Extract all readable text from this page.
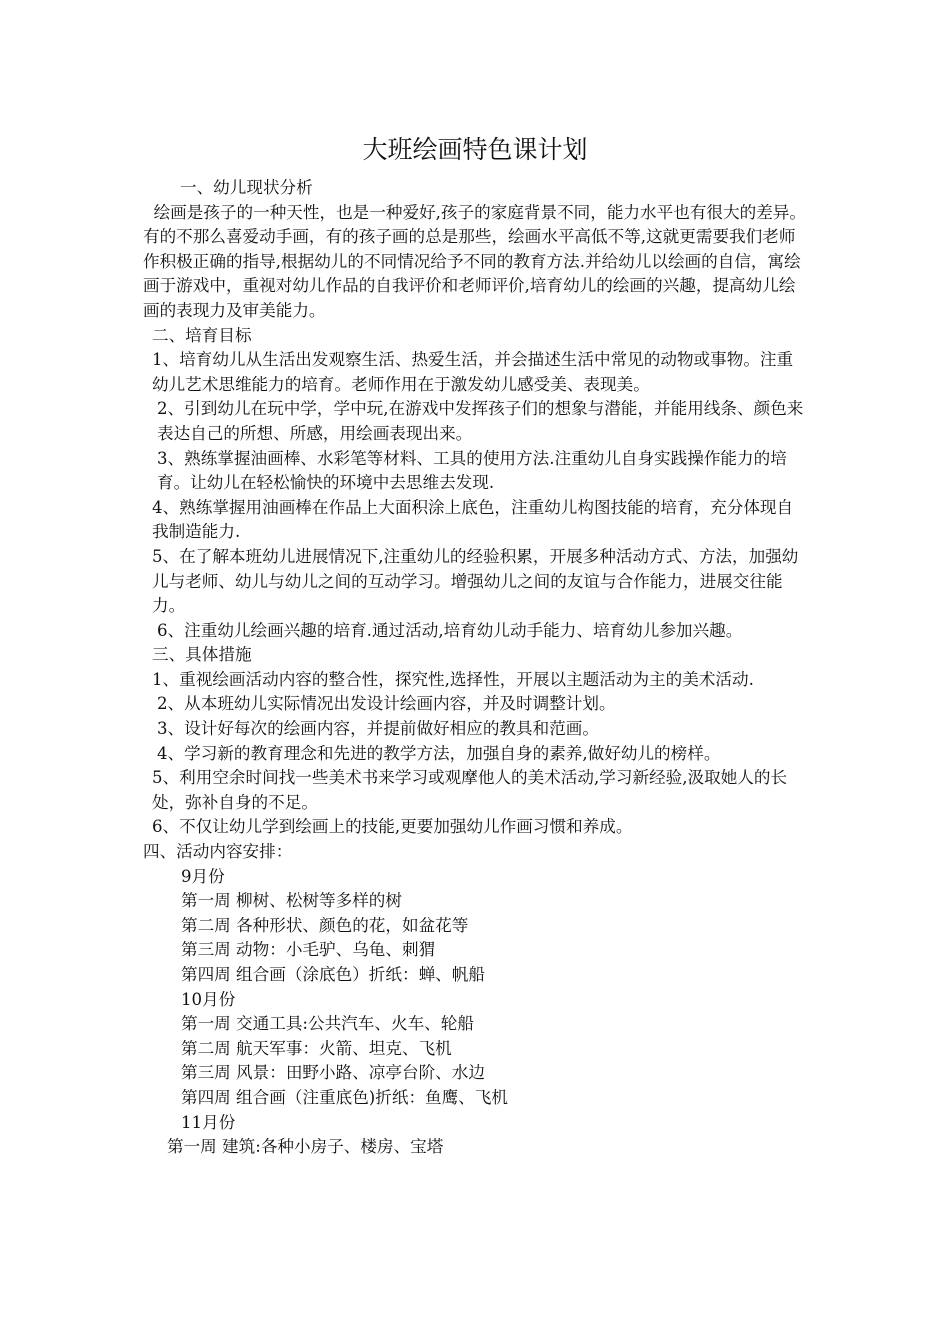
大班绘画特色课计划

一、幼儿现状分析

绘画是孩子的一种天性，也是一种爱好,孩子的家庭背景不同，能力水平也有很大的差异。有的不那么喜爱动手画，有的孩子画的总是那些，绘画水平高低不等,这就更需要我们老师作积极正确的指导,根据幼儿的不同情况给予不同的教育方法.并给幼儿以绘画的自信，寓绘画于游戏中，重视对幼儿作品的自我评价和老师评价,培育幼儿的绘画的兴趣，提高幼儿绘画的表现力及审美能力。

二、培育目标

1、培育幼儿从生活出发观察生活、热爱生活，并会描述生活中常见的动物或事物。注重幼儿艺术思维能力的培育。老师作用在于激发幼儿感受美、表现美。

2、引到幼儿在玩中学，学中玩,在游戏中发挥孩子们的想象与潜能，并能用线条、颜色来表达自己的所想、所感，用绘画表现出来。

3、熟练掌握油画棒、水彩笔等材料、工具的使用方法.注重幼儿自身实践操作能力的培育。让幼儿在轻松愉快的环境中去思维去发现.

4、熟练掌握用油画棒在作品上大面积涂上底色，注重幼儿构图技能的培育，充分体现自我制造能力.

5、在了解本班幼儿进展情况下,注重幼儿的经验积累，开展多种活动方式、方法，加强幼儿与老师、幼儿与幼儿之间的互动学习。增强幼儿之间的友谊与合作能力，进展交往能力。

6、注重幼儿绘画兴趣的培育.通过活动,培育幼儿动手能力、培育幼儿参加兴趣。

三、具体措施

1、重视绘画活动内容的整合性，探究性,选择性，开展以主题活动为主的美术活动.

2、从本班幼儿实际情况出发设计绘画内容，并及时调整计划。

3、设计好每次的绘画内容，并提前做好相应的教具和范画。

4、学习新的教育理念和先进的教学方法，加强自身的素养,做好幼儿的榜样。

5、利用空余时间找一些美术书来学习或观摩他人的美术活动,学习新经验,汲取她人的长处，弥补自身的不足。

6、不仅让幼儿学到绘画上的技能,更要加强幼儿作画习惯和养成。

四、活动内容安排：

9月份

第一周 柳树、松树等多样的树

第二周 各种形状、颜色的花，如盆花等

第三周 动物：小毛驴、乌龟、刺猬

第四周 组合画（涂底色）折纸：蝉、帆船

10月份

第一周 交通工具:公共汽车、火车、轮船

第二周 航天军事：火箭、坦克、飞机

第三周 风景：田野小路、凉亭台阶、水边

第四周 组合画（注重底色)折纸：鱼鹰、飞机

11月份

第一周 建筑:各种小房子、楼房、宝塔
